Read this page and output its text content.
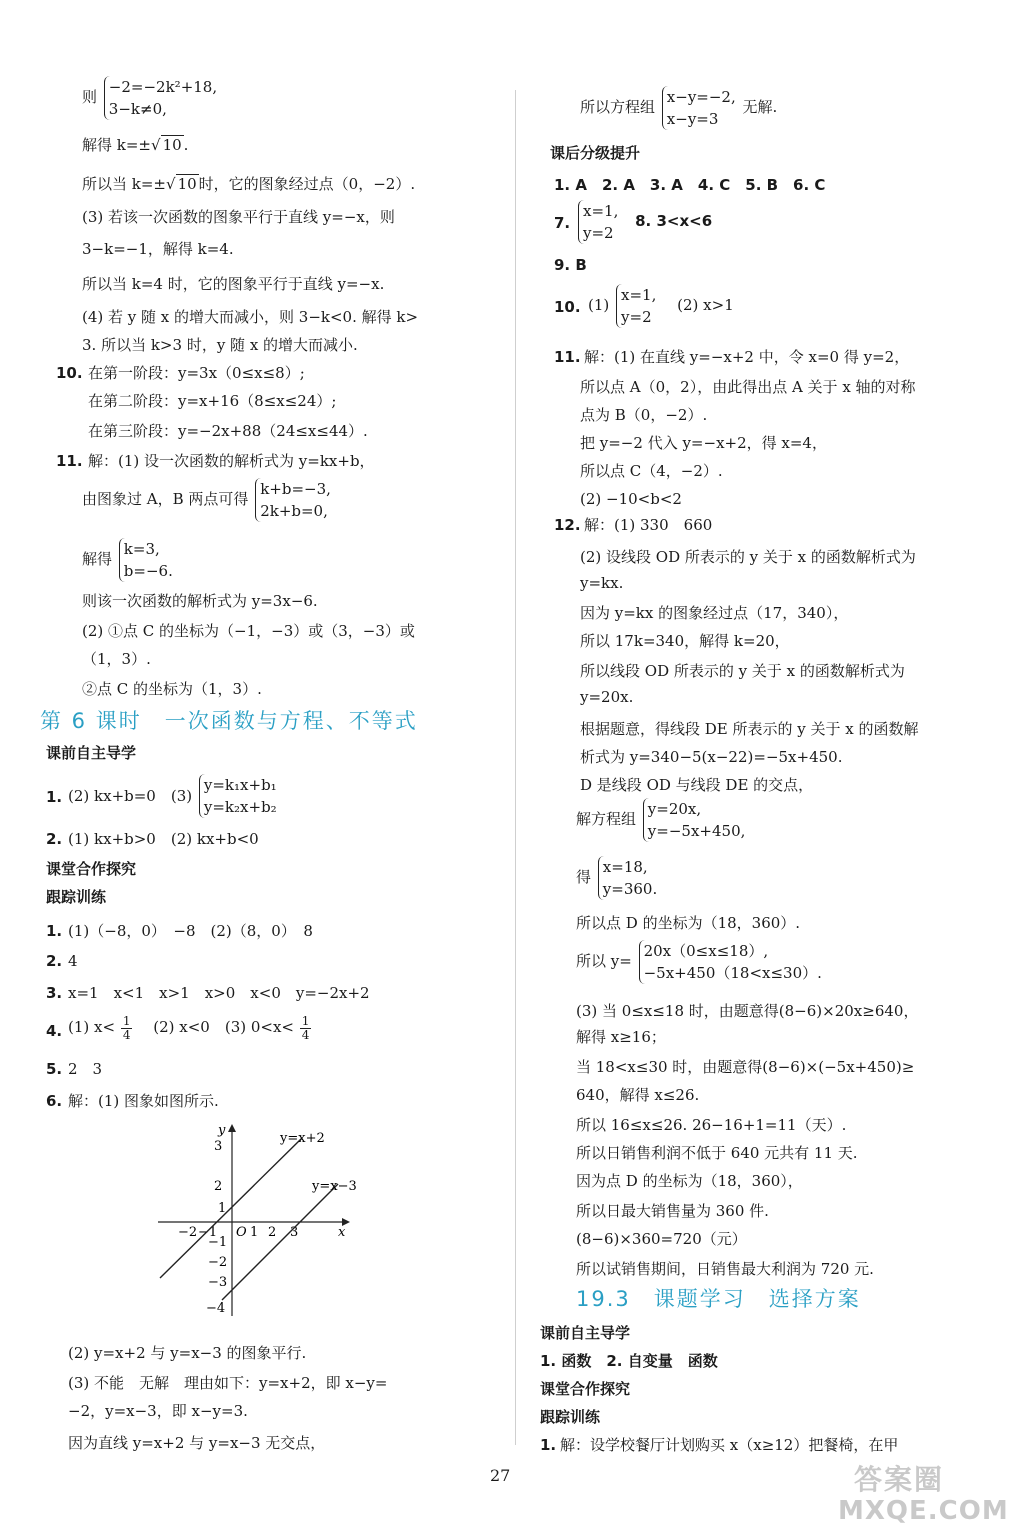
则
−2=−2k²+18,
3−k≠0,
解得 k=±√ 10 .
所以当 k=±√ 10 时，它的图象经过点（0，−2）.
(3) 若该一次函数的图象平行于直线 y=−x，则
3−k=−1，解得 k=4.
所以当 k=4 时，它的图象平行于直线 y=−x.
(4) 若 y 随 x 的增大而减小，则 3−k<0. 解得 k>
3. 所以当 k>3 时，y 随 x 的增大而减小.
10. 在第一阶段：y=3x（0≤x≤8）;
在第二阶段：y=x+16（8≤x≤24）;
在第三阶段：y=−2x+88（24≤x≤44）.
11. 解：(1) 设一次函数的解析式为 y=kx+b，
由图象过 A，B 两点可得
k+b=−3,
2k+b=0,
解得
k=3,
b=−6.
则该一次函数的解析式为 y=3x−6.
(2) ①点 C 的坐标为（−1，−3）或（3，−3）或
（1，3）.
②点 C 的坐标为（1，3）.
第 6 课时　一次函数与方程、不等式
课前自主导学
1. (2) kx+b=0　(3)
y=k₁x+b₁
y=k₂x+b₂
2. (1) kx+b>0　(2) kx+b<0
课堂合作探究
跟踪训练
1. (1)（−8，0）　−8　(2)（8，0）　8
2. 4
3. x=1　x<1　x>1　x>0　x<0　y=−2x+2
4. (1) $x< \frac{1}{4}$ 　(2) x<0　(3) $0<x< \frac{1}{4}$
5. 2　3
6. 解：(1) 图象如图所示.
y
x
O
3
2
1
−1
−2
−3
−4
−2 −1	1 2 3
y=x+2
y=x−3
(2) y=x+2 与 y=x−3 的图象平行.
(3) 不能　无解　理由如下：y=x+2，即 x−y=
−2，y=x−3，即 x−y=3.
因为直线 y=x+2 与 y=x−3 无交点，
所以方程组
x−y=−2,
x−y=3
无解.
课后分级提升
1. A　2. A　3. A　4. C　5. B　6. C
7.
x=1,
y=2
8. 3<x<6
9. B
10. (1)
x=1,
y=2
(2) x>1
11. 解：(1) 在直线 y=−x+2 中，令 x=0 得 y=2，
所以点 A（0，2），由此得出点 A 关于 x 轴的对称
点为 B（0，−2）.
把 y=−2 代入 y=−x+2，得 x=4，
所以点 C（4，−2）.
(2) −10<b<2
12. 解：(1) 330　660
(2) 设线段 OD 所表示的 y 关于 x 的函数解析式为
y=kx.
因为 y=kx 的图象经过点（17，340），
所以 17k=340，解得 k=20，
所以线段 OD 所表示的 y 关于 x 的函数解析式为
y=20x.
根据题意，得线段 DE 所表示的 y 关于 x 的函数解
析式为 y=340−5(x−22)=−5x+450.
D 是线段 OD 与线段 DE 的交点，
解方程组
y=20x,
y=−5x+450,
得
x=18,
y=360.
所以点 D 的坐标为（18，360）.
所以 y=
20x（0≤x≤18）,
−5x+450（18<x≤30）.
(3) 当 0≤x≤18 时，由题意得(8−6)×20x≥640，
解得 x≥16；
当 18<x≤30 时，由题意得(8−6)×(−5x+450)≥
640，解得 x≤26.
所以 16≤x≤26. 26−16+1=11（天）.
所以日销售利润不低于 640 元共有 11 天.
因为点 D 的坐标为（18，360），
所以日最大销售量为 360 件.
(8−6)×360=720（元）
所以试销售期间，日销售最大利润为 720 元.
19.3　课题学习　选择方案
课前自主导学
1. 函数　2. 自变量　函数
课堂合作探究
跟踪训练
1. 解：设学校餐厅计划购买 x（x≥12）把餐椅，在甲
27	答案圈
MXQE.COM
